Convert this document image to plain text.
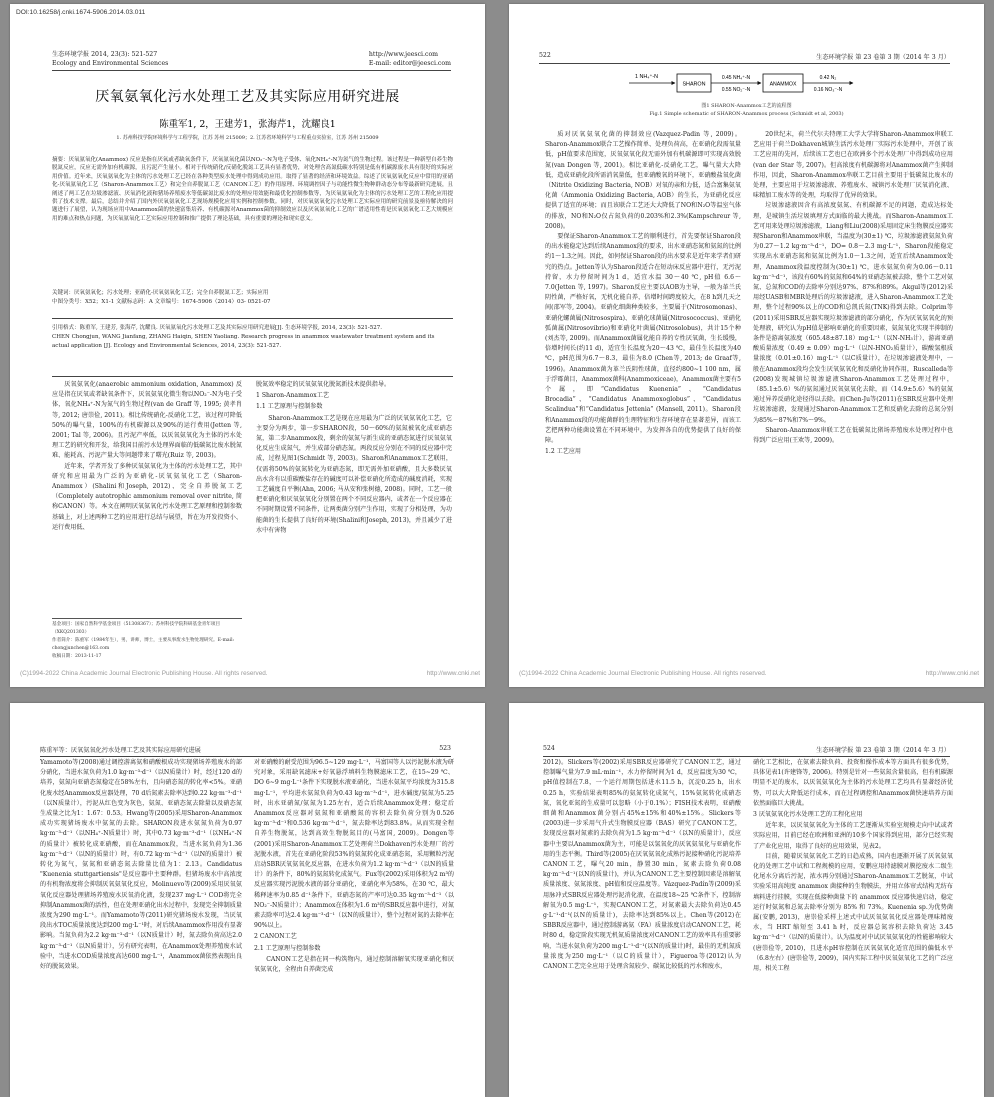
DOI:10.16258/j.cnki.1674-5906.2014.03.011
生态环境学报 2014, 23(3): 521-527
Ecology and Environmental Sciences
http://www.jeesci.com
E-mail: editor@jeesci.com
厌氧氨氧化污水处理工艺及其实际应用研究进展
陈重军1, 2，王建芳1，张海芹1，沈耀良1
1. 苏州科技学院环境科学与工程学院，江苏 苏州 215009；2. 江苏省环境科学与工程重点实验室，江苏 苏州 215009
摘要：厌氧氨氧化(Anammox) 反应是指在厌氧或者缺氧条件下，厌氧氨氧化菌以NO₂⁻-N为电子受体、氧化NH₄⁺-N为氮气的生物过程。该过程是一种新型自养生物脱氮反应，反应无需外加有机碳源，且污泥产生量小。相对于传统硝化/反硝化脱氮工艺具有显著优势，对处理含高氮低碳水特别是低有机碳源废水具有很好的实际应用价值。近年来，厌氧氨氧化为主体的污水处理工艺已经在各种类型废水处理中得到成功应用。取得了显著的经济和环境效益。综述了厌氧氨氧化反应中常用的亚硝化-厌氧氨氧化工艺（Sharon-Anammox工艺）和完全自养脱氮工艺（CANON工艺）的作用原理、环境调控因子与功能性微生物种群动态分布等最新研究进展，且阐述了两工艺在垃圾渗滤液、厌氧消化液和猪场养殖废水等低碳氮比废水的处理应用效能和最优化控制参数等，为厌氧氨氧化为主体的污水处理工艺的工程化应用提供了技术支撑。最后，总结并介绍了国内外厌氧氨氧化工艺现场规模化应用实例和控制参数。同时，对厌氧氨氧化污水处理工艺实际应用的研究前景及亟待解决的问题进行了展望，认为现场应用中Anammox菌的快速富集培养、有机碳源对Anammox菌的抑制效应以及厌氧氨氧化工艺的广谱适用性将是厌氧氨氧化工艺大规模应用的难点和热点问题，为厌氧氨氧化工艺实际应用控制和推广提供了理论基础，具有重要的理论和现实意义。
关键词：厌氧氨氧化；污水处理；亚硝化-厌氧氨氧化工艺；完全自养脱氮工艺；实际应用
中图分类号：X52；X1-1 文献标志码：A 文章编号：1674-5906（2014）03- 0521-07
引用格式：陈重军, 王建芳, 张海芹, 沈耀良. 厌氧氨氧化污水处理工艺及其实际应用研究进展[J]. 生态环境学报, 2014, 23(3): 521-527.
CHEN Chongjun, WANG Jianfang, ZHANG Haiqin, SHEN Yaoliang. Research progress in anammox wastewater treatment system and its actual application [J]. Ecology and Environmental Sciences, 2014, 23(3): 521-527.

厌氧氨氧化(anaerobic ammonium oxidation, Anammox) 反应是指在厌氧或者缺氧条件下，厌氧氨氧化微生物以NO₂⁻-N为电子受体，氧化NH₄⁺-N为氮气的生物过程(van de Graff 等, 1995; 黄孝肖等, 2012; 唐崇俭, 2011)。相比传统硝化-反硝化工艺，该过程可降低50%的曝气量，100%的有机碳源以及90%的运行费用(Jetten 等, 2001; Tal 等, 2006)。且污泥产率低，以厌氧氨氧化为主体的污水处理工艺的研究和开发，给我国目前污水处理界面临的低碳氮比废水脱氮难、能耗高、污泥产量大等问题带来了曙光(Ruiz 等, 2003)。

近年来，学者开发了多种厌氧氨氧化为主体的污水处理工艺，其中研究和应用最为广泛的为亚硝化-厌氧氨氧化工艺（Sharon-Anammox）(Shalini和Joseph, 2012)、完全自养脱氮工艺（Completely autotrophic ammonium removal over nitrite, 简称CANON）等。本文在阐明厌氧氨氧化污水处理工艺原理和控制参数基础上，对上述两种工艺的应用进行总结与展望，旨在为开发投资小、运行费用低、

基金项目：国家自然科学基金项目（51308367）；苏州科技学院科研基金青年项目（XKQ201303）
作者简介：陈重军（1984年生），男，讲师，博士，主要从事废水生物处理研究。E-mail: chongjunchen@163.com
收稿日期：2013-11-17
脱氮效率稳定的厌氧氨氧化脱氮新技术提供指导。
1 Sharon-Anammox工艺
1.1 工艺原理与控制参数

Sharon-Anammox工艺是现在应用最为广泛的厌氧氨氧化工艺，它主要分为两步，第一步SHARON段，50～60%的氨氮被氧化成亚硝态氮，第二步Anammox段，剩余的氨氮与新生成的亚硝态氮进行厌氧氨氧化反应生成氮气，并生成部分硝态氮。两段反应分别在不同的反应器中完成，过程见图1(Schmidt 等, 2003)。Sharon和Anammox工艺联用，仅需将50%的氨氮转化为亚硝态氮，即无需外加亚硝酸，且大多数厌氧出水含有以重碳酸盐存在的碱度可以补偿亚硝化所造成的碱度消耗，实现工艺碱度自平衡(Ahn, 2006; 马从安和张树德, 2008)。同时，工艺一般把亚硝化和厌氧氨氧化分别置在两个不同反应器内，或者在一个反应器在不同时期设置不同条件，让两类菌分别产生作用，实现了分相处理，为功能菌的生长提供了良好的环境(Shalini和Joseph, 2013)，并且减少了进水中有害物

(C)1994-2022 China Academic Journal Electronic Publishing House. All rights reserved.	http://www.cnki.net
522	生态环境学报 第 23 卷第 3 期（2014 年 3 月）
1 NH₄⁺-N
SHARON
0.45 NH₄⁺-N
0.55 NO₂⁻-N
ANAMMOX
0.42 N₂
0.16 NO₃⁻-N
图1 SHARON-Anammox工艺的流程图
Fig.1 Simple schematic of SHARON-Anammox process (Schmidt et al, 2003)

质对厌氧氨氧化菌的抑制效应(Vazquez-Padin 等, 2009)。Sharon-Anammox联合工艺操作简单、处理负荷高，在亚硝化段需氧量低，pH值要求范围宽，厌氧氨氧化段无需外加有机碳源即可实现高效脱氮(van Dongen 等, 2001)。相比亚硝化-反硝化工艺，曝气量大大降低，造成亚硝化段所需消氧量低，但亚硝酸氧的环境下，亚硝酸盐氧化菌（Nitrite Oxidizing Bacteria, NOB）对氧的亲和力低，适合富集氨氧化菌（Ammonia Oxidizing Bacteria, AOB）的生长，为亚硝化反应提供了适宜的环境；而且该联合工艺还大大降低了NO和N₂O等温室气体的排放，NO和N₂O仅占氮负荷的0.203%和2.3%(Kampschreur 等, 2008)。

要保证Sharon-Anammox工艺的顺利进行，首先要保证Sharon段的出水能稳定达到后续Anammox段的要求，出水亚硝态氮和氨氮的比例约1～1.3之间。因此，如何保证Sharon段的出水要求是近年来学者们研究的热点。Jetten等认为Sharon段适合在短动床反应器中进行，无污泥持留，水力停留时间为1 d，适宜水温 30～40 ℃, pH值 6.6～7.0(Jetten 等, 1997)。Sharon反应主要以AOB为主导，一般为革兰氏阴性菌，严格好氧，无机化能自养，倍增时间跨度较大，在8 h到几天之间(邵军等, 2004)。亚硝化细菌种类较多，主要属于(Nitrosomonas)、亚硝化螺菌属(Nitrosospira)、亚硝化球菌属(Nitrosococcus)、亚硝化弧菌属(Nitrosovibrio)和亚硝化叶菌属(Nitrosolobus)，共计15个种(刘杰等, 2009)。而Anammox菌属化能自养的专性厌氧菌，生长缓慢，倍增时间长(约11 d)，适宜生长温度为20～43 ℃，最佳生长温度为40 ℃，pH范围为6.7～8.3，最佳为8.0 (Chen等, 2013; de Graaf等, 1996)。Anammox菌为革兰氏阴性球菌，直径约800~1 100 nm，属于浮霉菌目，Anammox菌科(Anammoxiceae)，Anammox菌主要有5个属，即“Candidatus Kuenenia”、“Candidatus Brocadia”、“Candidatus Anammoxoglobus”、“Candidatus Scalindua”和“Candidatus Jettenia” (Mansell, 2011)。Sharon段和Anammox段的功能菌群的生理特征和生存环境存在显著差异，而该工艺把两种功能菌设置在不同环境中，为发挥各自的优势提供了良好的保障。

1.2 工艺应用

20世纪末，荷兰代尔夫特理工大学大学将Sharon-Anammox串联工艺应用于荷兰Dokhaven城镇生活污水处理厂实际污水处理中，开创了该工艺应用的先河，后续该工艺也已在欧洲多个污水处理厂中得到成功应用(van der Star 等, 2007)。但高浓度有机碳源将对Anammox菌产生抑制作用，因此，Sharon-Anammox串联工艺目前主要用于低碳氮比废水的处理，主要应用于垃圾渗滤液、养殖废水、城镇污水处理厂厌氧消化液、味精加工废水等的处理，均取得了优异的效果。

垃圾渗滤液因含有高浓度氨氮、有机碳源不足的问题，造成达标处理，是城镇生活垃圾填埋方式面临的最大挑战。而Sharon-Anammox工艺可用来处理垃圾渗滤液，Liang和Liu(2008)采用固定床生物膜反应器实现Sharon和Anammox串联，当温度为(30±1) ℃，垃圾渗滤液氨氮负荷为0.27～1.2 kg·m⁻³·d⁻¹，DO= 0.8～2.3 mg·L⁻¹，Sharon段能稳定实现出水亚硝态氮和氨氮比例为1.0～1.3之间，适宜后续Anammox处理，Anammox段温度控制为(30±1) ℃，进水氨氮负荷为0.06～0.11 kg·m⁻³·d⁻¹，该段有60%的氨氮和64%的亚硝态氮被去除，整个工艺对氨氮、总氮和COD的去除率分别达97%、87%和89%。Akgul等(2012)采用经UASB和MBR处理后的垃圾渗滤液，进入Sharon-Anammox工艺处理，整个过程90%以上的COD和总凯氏氮(TNK)得到去除。Colprim等(2011)采用SBR反应器实现垃圾渗滤液的部分硝化，作为厌氧氨氧化的预处理液，研究认为pH值是影响亚硝化的重要因素，氨氮氧化实现半抑制的条件是游离氨浓度（605.48±87.18）mg·L⁻¹（以N-NH₃计），游离亚硝酸质量浓度（0.49 ± 0.09）mg·L⁻¹（以N-HNO₂质量计），碳酸氢根质量浓度（0.01±0.16）mg·L⁻¹（以C质量计），在垃圾渗滤液处理中，一般在Anammox段均会发生厌氧氨氧化和反硝化协同作用，Ruscalleda等(2008)发现城镇垃圾渗滤液Sharon-Anammox工艺处理过程中，（85.1±5.6）%的氨氮通过厌氧氨氧化去除，而（14.9±5.6）%的氨氮通过异养反硝化途径得以去除。而Chen-Ju等(2011)在SBR反应器中处理垃圾渗滤液，发现通过Sharon-Anammox工艺和反硝化去除的总氮分别为85%～87%和7%～9%。

Sharon-Anammox串联工艺在低碳氮比猪场养殖废水处理过程中也得到广泛应用(王欢等, 2009)。

(C)1994-2022 China Academic Journal Electronic Publishing House. All rights reserved.	http://www.cnki.net
陈重军等：厌氧氨氧化污水处理工艺及其实际应用研究进展	523

Yamamoto等(2008)通过调控游离氨和硝酸根成功实现猪场养殖废水的部分硝化，当进水氮负荷为1.0 kg·m⁻³·d⁻¹（以N质量计）时，经过120 d的培养，氨氮向亚硝态氮稳定在58%左右，且向硝态氮的转化率<5%。亚硝化废水经Anammox反应器处理，70 d后氮素去除率达到0.22 kg·m⁻³·d⁻¹（以N质量计），污泥从红色变为灰色，氨氮、亚硝态氮去除量以及硝态氮生成量之比为1：1.67：0.53。Hwang等(2005)采用Sharon-Anammox成功实现猪场废水中氨氮的去除。SHARON段进水氨氮负荷为0.97 kg·m⁻³·d⁻¹（以NH₄⁺-N质量计）时，其中0.73 kg·m⁻³·d⁻¹（以NH₄⁺-N的质量计）被转化成亚硝酸，而在Anammox段，当进水氮负荷为1.36 kg·m⁻³·d⁻¹（以N的质量计）时，有0.72 kg·m⁻³·d⁻¹（以N的质量计）被转化为氮气，氨氮和亚硝态氮去除量比值为1：2.13。Candidatus "Kuenenia stuttgartiensis"是反应器中主要种群。但猪场废水中高浓度的有机物浓度将会抑制厌氧氨氧化反应，Molinuevo等(2009)采用厌氧氨氧化反应器处理猪场养殖废水厌氧消化液，发现237 mg·L⁻¹ COD将完全抑制Anammox菌的活性，但在处理亚硝化出水过程中，发现完全抑制质量浓度为290 mg·L⁻¹。而Yamamoto等(2011)研究猪场废水发现，当厌氧段出水TOC质量浓度达到200 mg·L⁻¹时，对后续Anammox作用没有显著影响。当氮负荷为2.2 kg·m⁻³·d⁻¹（以N质量计）时，氮去除负荷高达2.0 kg·m⁻³·d⁻¹（以N质量计），另有研究表明，在Anammox处理养殖废水试验中，当进水COD质量浓度高达600 mg·L⁻¹，Anammox菌依然表现出良好的脱氮效果。

对亚硝酸的耐受范围为96.5~129 mg·L⁻¹，马富国等人以污泥脱水液为研究对象，采用缺氧滤床+好氧悬浮填料生物膜滤床工艺，在15~29 ℃、DO 6~9 mg·L⁻¹条件下实现脱水液亚硝化，当进水氨氮平均浓度为315.8 mg·L⁻¹，平均进水氨氮负荷为0.43 kg·m⁻³·d⁻¹，进水碱度/氨氮为5.25时，出水亚硝氮/氨氮为1.25左右，适合后续Anammox处理；稳定后Anammox反应器对氨氮和亚硝酸氮的容积去除负荷分别为0.526 kg·m⁻³·d⁻¹和0.536 kg·m⁻³·d⁻¹，氮去除率达到83.8%。从而实现全程自养生物脱氮，达到高效生物脱氮目的(马富国, 2009)。Dongen等(2001)采用Sharon-Anammox工艺处理荷兰Dokhaven污水处理厂的污泥脱水液，首先在亚硝化阶段53%的氨氮转化成亚硝态氮，采用颗粒污泥启动SBR厌氧氨氧化反应器，在进水负荷为1.2 kg·m⁻³·d⁻¹（以N的质量计）的条件下，80%的氨氮转化成氮气。Fux等(2002)采用体积为2 m³的反应器实现污泥脱水液的部分亚硝化，亚硝化率为58%，在30 ℃，最大稀释速率为0.85 d⁻¹条件下，亚硝态氮的产率可达0.35 kg·m⁻³·d⁻¹（以NO₂⁻-N质量计）；Anammox在体积为1.6 m³的SBR反应器中进行，对氮素去除率可达2.4 kg·m⁻³·d⁻¹（以N的质量计），整个过程对氮的去除率在90%以上。

2 CANON工艺
2.1 工艺原理与控制参数

CANON工艺是指在同一构筑物内，通过控制溶解氧实现亚硝化和厌氧氨氧化，全程由自养菌完成

524	生态环境学报 第 23 卷第 3 期（2014 年 3 月）

2012)。Slickers等(2002)采用SBR反应器研究了CANON工艺，通过控制曝气量为7.9 mL·min⁻¹，水力停留时间为1 d，反应温度为30 ℃，pH值控制在7.8，一个运行周期包括进水11.5 h，沉淀0.25 h，出水0.25 h，实验结果表明85%的氨氮转化成氮气，15%氨氮转化成硝态氮，氧化亚氮的生成量可以忽略（小于0.1%）；FISH技术表明，亚硝酸细菌和Anammox菌分别占45%±15%和40%±15%。Slickers等(2003)进一步采用气升式生物膜反应器（BAS）研究了CANON工艺，发现反应器对氮素的去除负荷为1.5 kg·m⁻³·d⁻¹（以N的质量计），反应器中主要以Anammox菌为主，可能是以氢氧化的厌氧氨氧化与亚硝化作用的生态平衡。Third等(2005)在厌氧氨氧化成熟污泥接种硝化污泥培养CANON工艺，曝气20 min，静置30 min，氮素去除负荷0.08 kg·m⁻³·d⁻¹(以N的质量计)，并认为CANON工艺主要控制因素是溶解氧质量浓度、氨氮浓度、pH值和反应温度等。Vázquez-Padín等(2009)采用脉冲式SBR反应器处理污泥消化液，在温度18~25 ℃条件下，控制溶解氧为0.5 mg·L⁻¹，实现CANON工艺，对氮素最大去除负荷达0.45 g·L⁻¹·d⁻¹(以N的质量计)，去除率达到85%以上。Chen等(2012)在SBBR反应器中，通过控制游离氨（FA）质量浓度启动CANON工艺，耗时80 d，稳定阶段实现无机氮质量浓度对CANON工艺的效率具有重要影响，当进水氨负荷为200 mg·L⁻¹·d⁻¹(以N的质量计)时，最佳的无机氮质量浓度为250 mg·L⁻¹（以C的质量计），Figueroa等(2012)认为CANON工艺完全应用于处理含氮较少、碳氮比较低的污水和废水，

硝化工艺相比，在氨素去除负荷、投资和操作成本等方面具有很多优势，具体见表1(许建锋等, 2006)。特别是针对一些氨氮含量很高，但有机碳源明显不足的废水，以厌氧氨氧化为主体的污水处理工艺均具有显著经济优势，可以大大降低运行成本，而在过程调控和Anammox菌快速培养方面依然面临巨大挑战。

3 厌氧氨氧化污水处理工艺的工程化应用

近年来，以厌氧氨氧化为主体的工艺逐渐从实验室规模走向中试或者实际应用，目前已经在欧洲和亚洲的10多个国家得到应用，部分已经实现了产业化应用，取得了良好的应用效果，见表2。

目前，随着厌氧氨氧化工艺的日趋成熟，国内也逐渐开展了厌氧氨氧化的处理工艺中试和工程规模的应用，安鹏应用持滤膜对膜挖废水二级生化尾水分离后污泥，浓水再分别通过Sharon-Anammox工艺脱氮，中试实验采用高纯度 anammox 菌接种的生物膜法，并用立体帘式结构无纺布填料进行挂膜，实现在低接种菌量下的 anammox 反应器快速启动，稳定运行时氨氮和总氮去除率分别为 85% 和 73%。Kuenenia sp.为优势菌属(安鹏, 2013)，唐崇俭采样上述式中试厌氧氨氧化反应器处理味精废水，当 HRT 缩短至 3.41 h 时，反应器总氮容积去除负荷达 3.45 kg·m⁻³·d⁻¹（以N的质量计）。认为温度对中试厌氧氨氧化的性能影响较大(唐崇俭等, 2010)，且进水pH容控制在厌氧氨氧化适宜范围的偏低水平（6.8左右）(唐崇俭等, 2009)，国内实际工程中厌氧氨氧化工艺的广泛应用，相关工程
